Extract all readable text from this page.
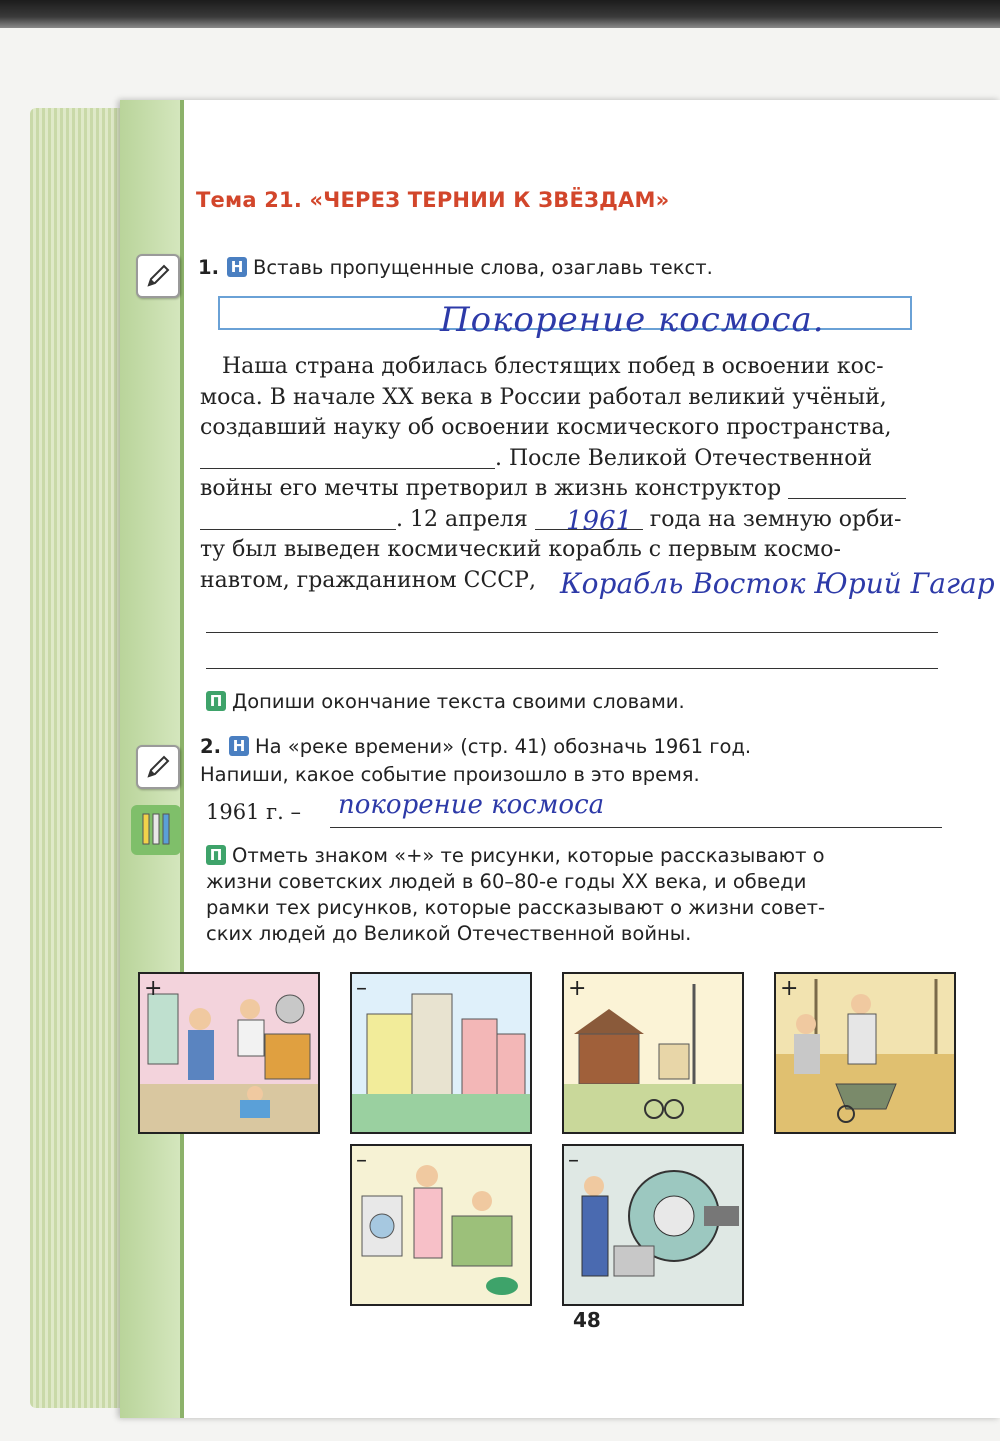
Тема 21. «ЧЕРЕЗ ТЕРНИИ К ЗВЁЗДАМ»
1. Н Вставь пропущенные слова, озаглавь текст.
Покорение космоса.
Наша страна добилась блестящих побед в освоении кос-
моса. В начале XX века в России работал великий учёный,
создавший науку об освоении космического пространства,
. После Великой Отечественной
войны его мечты претворил в жизнь конструктор
. 12 апреля	года на земную орби-
ту был выведен космический корабль с первым космо-
навтом, гражданином СССР,
1961
Корабль Восток Юрий Гагар
П Допиши окончание текста своими словами.
2. Н На «реке времени» (стр. 41) обозначь 1961 год.
Напиши, какое событие произошло в это время.
1961 г. – покорение космоса
П Отметь знаком «+» те рисунки, которые рассказывают о
жизни советских людей в 60–80-е годы XX века, и обведи
рамки тех рисунков, которые рассказывают о жизни совет-
ских людей до Великой Отечественной войны.
+	–	+	+
–	–
48
